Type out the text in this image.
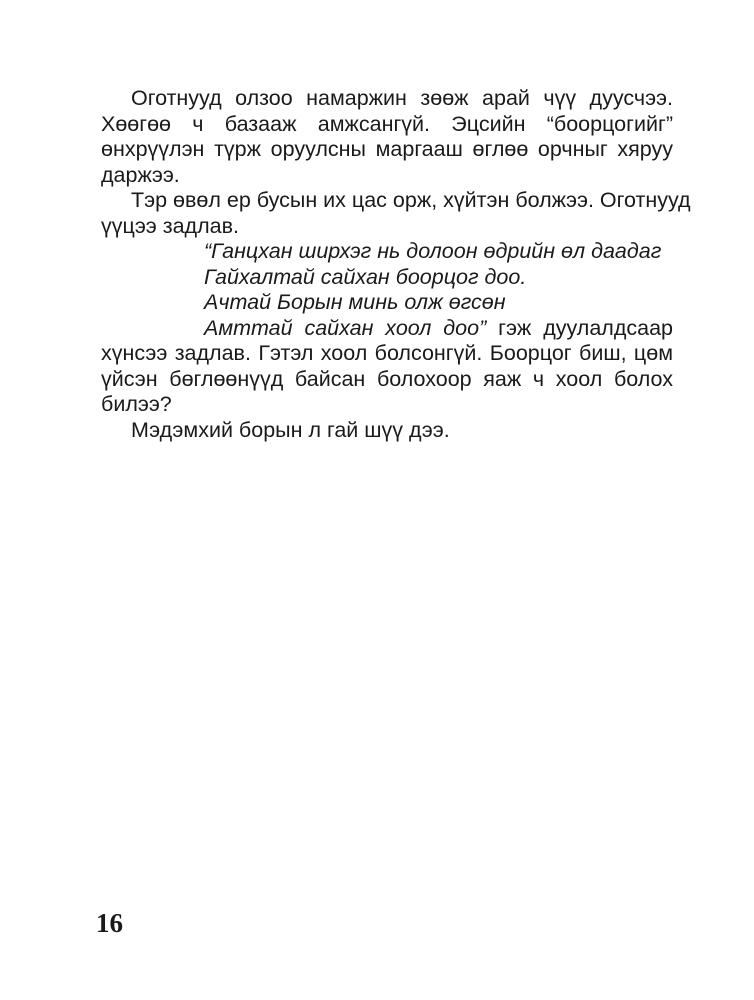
Оготнууд олзоо намаржин зөөж арай чүү дуусчээ.
Хөөгөө ч базааж амжсангүй. Эцсийн “боорцогийг”
өнхрүүлэн түрж оруулсны маргааш өглөө орчныг хяруу
даржээ.
Тэр өвөл ер бусын их цас орж, хүйтэн болжээ. Оготнууд
үүцээ задлав.
“Ганцхан ширхэг нь долоон өдрийн өл даадаг
Гайхалтай сайхан боорцог доо.
Ачтай Борын минь олж өгсөн
Амттай сайхан хоол доо” гэж дуулалдсаар
хүнсээ задлав. Гэтэл хоол болсонгүй. Боорцог биш, цөм
үйсэн бөглөөнүүд байсан болохоор яаж ч хоол болох
билээ?
Мэдэмхий борын л гай шүү дээ.
16
